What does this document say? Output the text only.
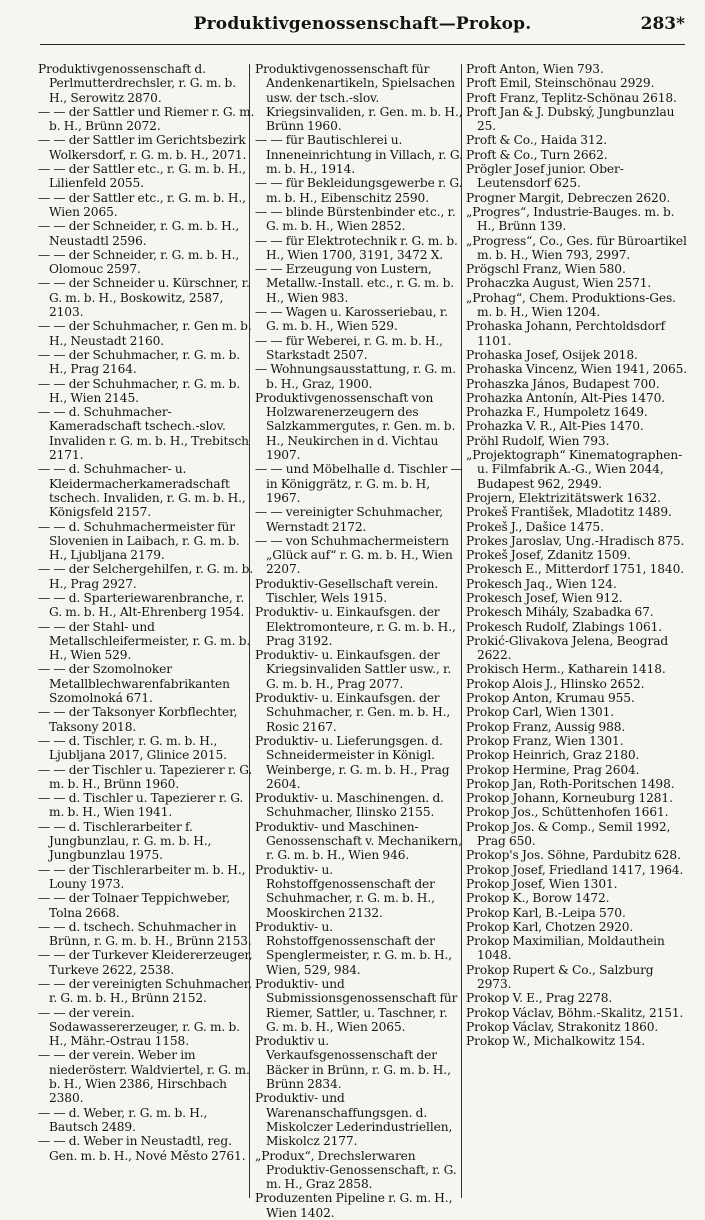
Produktivgenossenschaft—Prokop.	283*
Produktivgenossenschaft d. Perlmutterdrechsler, r. G. m. b. H., Serowitz 2870.
— — der Sattler und Riemer r. G. m. b. H., Brünn 2072.
— — der Sattler im Gerichtsbezirk Wolkersdorf, r. G. m. b. H., 2071.
— — der Sattler etc., r. G. m. b. H., Lilienfeld 2055.
— — der Sattler etc., r. G. m. b. H., Wien 2065.
— — der Schneider, r. G. m. b. H., Neustadtl 2596.
— — der Schneider, r. G. m. b. H., Olomouc 2597.
— — der Schneider u. Kürschner, r. G. m. b. H., Boskowitz, 2587, 2103.
— — der Schuhmacher, r. Gen m. b. H., Neustadt 2160.
— — der Schuhmacher, r. G. m. b. H., Prag 2164.
— — der Schuhmacher, r. G. m. b. H., Wien 2145.
— — d. Schuhmacher-Kameradschaft tschech.-slov. Invaliden r. G. m. b. H., Trebitsch 2171.
— — d. Schuhmacher- u. Kleidermacherkameradschaft tschech. Invaliden, r. G. m. b. H., Königsfeld 2157.
— — d. Schuhmachermeister für Slovenien in Laibach, r. G. m. b. H., Ljubljana 2179.
— — der Selchergehilfen, r. G. m. b. H., Prag 2927.
— — d. Sparteriewarenbranche, r. G. m. b. H., Alt-Ehrenberg 1954.
— — der Stahl- und Metallschleifermeister, r. G. m. b. H., Wien 529.
— — der Szomolnoker Metallblechwarenfabrikanten Szomolnoká 671.
— — der Taksonyer Korbflechter, Taksony 2018.
— — d. Tischler, r. G. m. b. H., Ljubljana 2017, Glinice 2015.
— — der Tischler u. Tapezierer r. G. m. b. H., Brünn 1960.
— — d. Tischler u. Tapezierer r. G. m. b. H., Wien 1941.
— — d. Tischlerarbeiter f. Jungbunzlau, r. G. m. b. H., Jungbunzlau 1975.
— — der Tischlerarbeiter m. b. H., Louny 1973.
— — der Tolnaer Teppichweber, Tolna 2668.
— — d. tschech. Schuhmacher in Brünn, r. G. m. b. H., Brünn 2153.
— — der Turkever Kleidererzeuger, Turkeve 2622, 2538.
— — der vereinigten Schuhmacher, r. G. m. b. H., Brünn 2152.
— — der verein. Sodawassererzeuger, r. G. m. b. H., Mähr.-Ostrau 1158.
— — der verein. Weber im niederösterr. Waldviertel, r. G. m. b. H., Wien 2386, Hirschbach 2380.
— — d. Weber, r. G. m. b. H., Bautsch 2489.
— — d. Weber in Neustadtl, reg. Gen. m. b. H., Nové Město 2761.
Produktivgenossenschaft für Andenkenartikeln, Spielsachen usw. der tsch.-slov. Kriegsinvaliden, r. Gen. m. b. H., Brünn 1960.
— — für Bautischlerei u. Inneneinrichtung in Villach, r. G. m. b. H., 1914.
— — für Bekleidungsgewerbe r. G. m. b. H., Eibenschitz 2590.
— — blinde Bürstenbinder etc., r. G. m. b. H., Wien 2852.
— — für Elektrotechnik r. G. m. b. H., Wien 1700, 3191, 3472 X.
— — Erzeugung von Lustern, Metallw.-Install. etc., r. G. m. b. H., Wien 983.
— — Wagen u. Karosseriebau, r. G. m. b. H., Wien 529.
— — für Weberei, r. G. m. b. H., Starkstadt 2507.
— Wohnungsausstattung, r. G. m. b. H., Graz, 1900.
Produktivgenossenschaft von Holzwarenerzeugern des Salzkammergutes, r. Gen. m. b. H., Neukirchen in d. Vichtau 1907.
— — und Möbelhalle d. Tischler — in Königgrätz, r. G. m. b. H, 1967.
— — vereinigter Schuhmacher, Wernstadt 2172.
— — von Schuhmachermeistern „Glück auf“ r. G. m. b. H., Wien 2207.
Produktiv-Gesellschaft verein. Tischler, Wels 1915.
Produktiv- u. Einkaufsgen. der Elektromonteure, r. G. m. b. H., Prag 3192.
Produktiv- u. Einkaufsgen. der Kriegsinvaliden Sattler usw., r. G. m. b. H., Prag 2077.
Produktiv- u. Einkaufsgen. der Schuhmacher, r. Gen. m. b. H., Rosic 2167.
Produktiv- u. Lieferungsgen. d. Schneidermeister in Königl. Weinberge, r. G. m. b. H., Prag 2604.
Produktiv- u. Maschinengen. d. Schuhmacher, Ilinsko 2155.
Produktiv- und Maschinen-Genossenschaft v. Mechanikern, r. G. m. b. H., Wien 946.
Produktiv- u. Rohstoffgenossenschaft der Schuhmacher, r. G. m. b. H., Mooskirchen 2132.
Produktiv- u. Rohstoffgenossenschaft der Spenglermeister, r. G. m. b. H., Wien, 529, 984.
Produktiv- und Submissionsgenossenschaft für Riemer, Sattler, u. Taschner, r. G. m. b. H., Wien 2065.
Produktiv u. Verkaufsgenossenschaft der Bäcker in Brünn, r. G. m. b. H., Brünn 2834.
Produktiv- und Warenanschaffungsgen. d. Miskolczer Lederindustriellen, Miskolcz 2177.
„Produx“, Drechslerwaren Produktiv-Genossenschaft, r. G. m. H., Graz 2858.
Produzenten Pipeline r. G. m. H., Wien 1402.
Proft Anton, Wien 793.
Proft Emil, Steinschönau 2929.
Proft Franz, Teplitz-Schönau 2618.
Proft Jan & J. Dubský, Jungbunzlau 25.
Proft & Co., Haida 312.
Proft & Co., Turn 2662.
Prögler Josef junior. Ober-Leutensdorf 625.
Progner Margit, Debreczen 2620.
„Progres“, Industrie-Bauges. m. b. H., Brünn 139.
„Progress“, Co., Ges. für Büroartikel m. b. H., Wien 793, 2997.
Prögschl Franz, Wien 580.
Prohaczka August, Wien 2571.
„Prohag“, Chem. Produktions-Ges. m. b. H., Wien 1204.
Prohaska Johann, Perchtoldsdorf 1101.
Prohaska Josef, Osijek 2018.
Prohaska Vincenz, Wien 1941, 2065.
Prohaszka János, Budapest 700.
Prohazka Antonín, Alt-Pies 1470.
Prohazka F., Humpoletz 1649.
Prohazka V. R., Alt-Pies 1470.
Pröhl Rudolf, Wien 793.
„Projektograph“ Kinematographen- u. Filmfabrik A.-G., Wien 2044, Budapest 962, 2949.
Projern, Elektrizitätswerk 1632.
Prokeš František, Mladotitz 1489.
Prokeš J., Dašice 1475.
Prokes Jaroslav, Ung.-Hradisch 875.
Prokeš Josef, Zdanitz 1509.
Prokesch E., Mitterdorf 1751, 1840.
Prokesch Jaq., Wien 124.
Prokesch Josef, Wien 912.
Prokesch Mihály, Szabadka 67.
Prokesch Rudolf, Zlabings 1061.
Prokić-Glivakova Jelena, Beograd 2622.
Prokisch Herm., Katharein 1418.
Prokop Alois J., Hlinsko 2652.
Prokop Anton, Krumau 955.
Prokop Carl, Wien 1301.
Prokop Franz, Aussig 988.
Prokop Franz, Wien 1301.
Prokop Heinrich, Graz 2180.
Prokop Hermine, Prag 2604.
Prokop Jan, Roth-Poritschen 1498.
Prokop Johann, Korneuburg 1281.
Prokop Jos., Schüttenhofen 1661.
Prokop Jos. & Comp., Semil 1992, Prag 650.
Prokop's Jos. Söhne, Pardubitz 628.
Prokop Josef, Friedland 1417, 1964.
Prokop Josef, Wien 1301.
Prokop K., Borow 1472.
Prokop Karl, B.-Leipa 570.
Prokop Karl, Chotzen 2920.
Prokop Maximilian, Moldauthein 1048.
Prokop Rupert & Co., Salzburg 2973.
Prokop V. E., Prag 2278.
Prokop Václav, Böhm.-Skalitz, 2151.
Prokop Václav, Strakonitz 1860.
Prokop W., Michalkowitz 154.
